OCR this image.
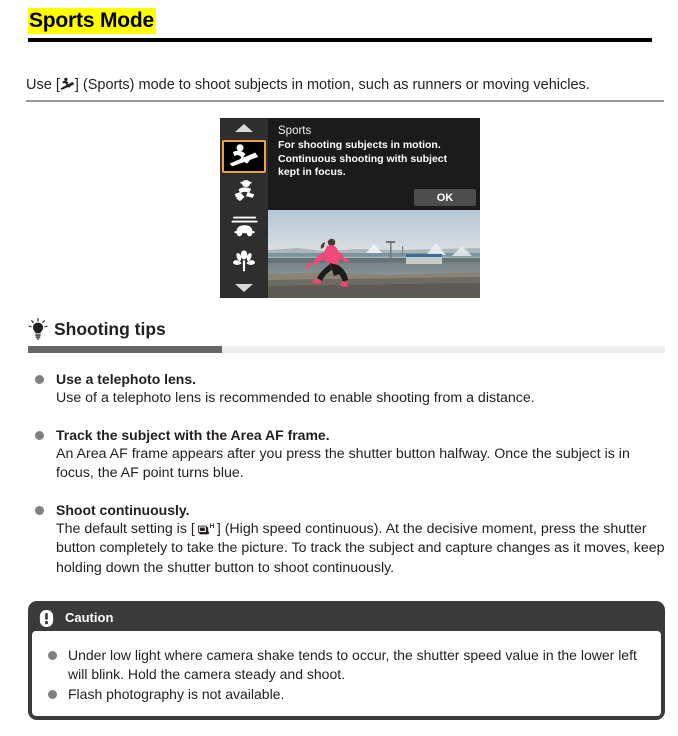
Sports Mode
Use [ ] (Sports) mode to shoot subjects in motion, such as runners or moving vehicles.
Sports
For shooting subjects in motion. Continuous shooting with subject kept in focus.
OK
Shooting tips
Use a telephoto lens.
Use of a telephoto lens is recommended to enable shooting from a distance.
Track the subject with the Area AF frame.
An Area AF frame appears after you press the shutter button halfway. Once the subject is in focus, the AF point turns blue.
Shoot continuously.
The default setting is [ H ] (High speed continuous). At the decisive moment, press the shutter button completely to take the picture. To track the subject and capture changes as it moves, keep holding down the shutter button to shoot continuously.
Caution
Under low light where camera shake tends to occur, the shutter speed value in the lower left will blink. Hold the camera steady and shoot.
Flash photography is not available.
